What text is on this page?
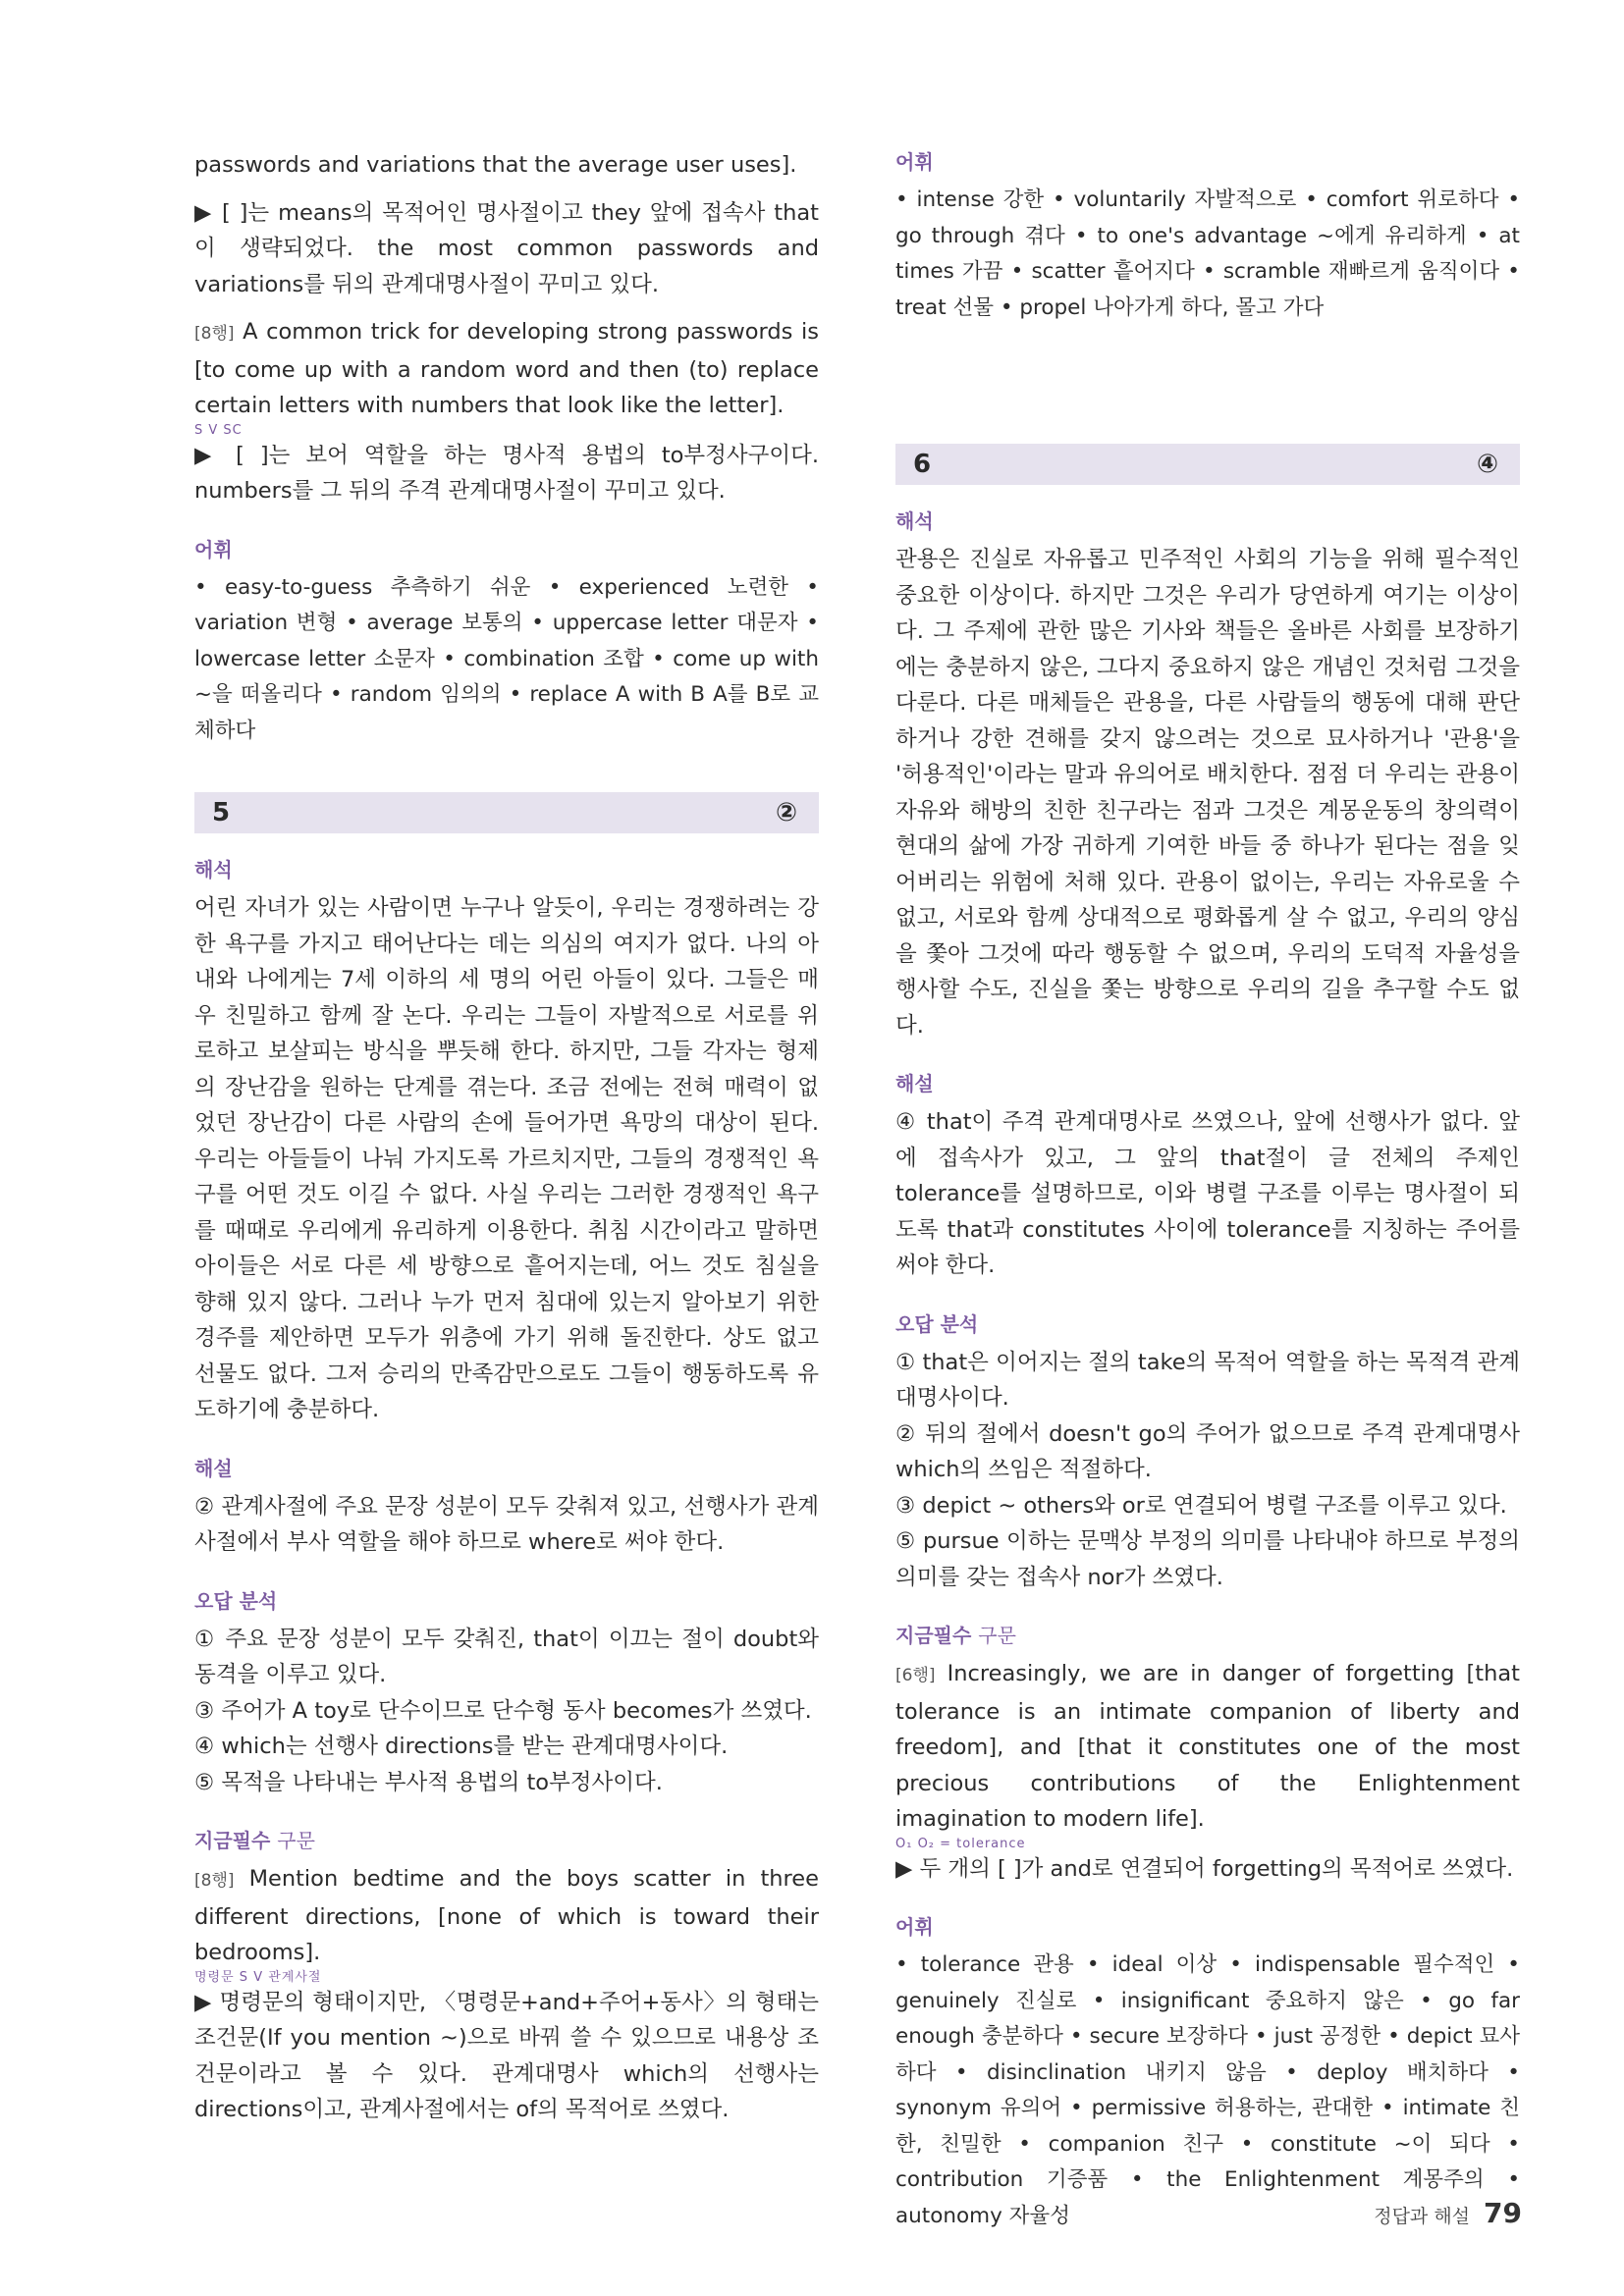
passwords and variations that the average user uses].

▶ [ ]는 means의 목적어인 명사절이고 they 앞에 접속사 that이 생략되었다. the most common passwords and variations를 뒤의 관계대명사절이 꾸미고 있다.

[8행] A common trick for developing strong passwords is [to come up with a random word and then (to) replace certain letters with numbers that look like the letter].

S V SC

▶ [ ]는 보어 역할을 하는 명사적 용법의 to부정사구이다. numbers를 그 뒤의 주격 관계대명사절이 꾸미고 있다.

어휘

• easy-to-guess 추측하기 쉬운 • experienced 노련한 • variation 변형 • average 보통의 • uppercase letter 대문자 • lowercase letter 소문자 • combination 조합 • come up with ~을 떠올리다 • random 임의의 • replace A with B A를 B로 교체하다

5	②
해석

어린 자녀가 있는 사람이면 누구나 알듯이, 우리는 경쟁하려는 강한 욕구를 가지고 태어난다는 데는 의심의 여지가 없다. 나의 아내와 나에게는 7세 이하의 세 명의 어린 아들이 있다. 그들은 매우 친밀하고 함께 잘 논다. 우리는 그들이 자발적으로 서로를 위로하고 보살피는 방식을 뿌듯해 한다. 하지만, 그들 각자는 형제의 장난감을 원하는 단계를 겪는다. 조금 전에는 전혀 매력이 없었던 장난감이 다른 사람의 손에 들어가면 욕망의 대상이 된다. 우리는 아들들이 나눠 가지도록 가르치지만, 그들의 경쟁적인 욕구를 어떤 것도 이길 수 없다. 사실 우리는 그러한 경쟁적인 욕구를 때때로 우리에게 유리하게 이용한다. 취침 시간이라고 말하면 아이들은 서로 다른 세 방향으로 흩어지는데, 어느 것도 침실을 향해 있지 않다. 그러나 누가 먼저 침대에 있는지 알아보기 위한 경주를 제안하면 모두가 위층에 가기 위해 돌진한다. 상도 없고 선물도 없다. 그저 승리의 만족감만으로도 그들이 행동하도록 유도하기에 충분하다.

해설

② 관계사절에 주요 문장 성분이 모두 갖춰져 있고, 선행사가 관계사절에서 부사 역할을 해야 하므로 where로 써야 한다.

오답 분석

① 주요 문장 성분이 모두 갖춰진, that이 이끄는 절이 doubt와 동격을 이루고 있다.

③ 주어가 A toy로 단수이므로 단수형 동사 becomes가 쓰였다.

④ which는 선행사 directions를 받는 관계대명사이다.

⑤ 목적을 나타내는 부사적 용법의 to부정사이다.

지금필수 구문

[8행] Mention bedtime and the boys scatter in three different directions, [none of which is toward their bedrooms].

명령문 S V 관계사절

▶ 명령문의 형태이지만, 〈명령문+and+주어+동사〉의 형태는 조건문(If you mention ~)으로 바꿔 쓸 수 있으므로 내용상 조건문이라고 볼 수 있다. 관계대명사 which의 선행사는 directions이고, 관계사절에서는 of의 목적어로 쓰였다.

어휘

• intense 강한 • voluntarily 자발적으로 • comfort 위로하다 • go through 겪다 • to one's advantage ~에게 유리하게 • at times 가끔 • scatter 흩어지다 • scramble 재빠르게 움직이다 • treat 선물 • propel 나아가게 하다, 몰고 가다

6	④
해석

관용은 진실로 자유롭고 민주적인 사회의 기능을 위해 필수적인 중요한 이상이다. 하지만 그것은 우리가 당연하게 여기는 이상이다. 그 주제에 관한 많은 기사와 책들은 올바른 사회를 보장하기에는 충분하지 않은, 그다지 중요하지 않은 개념인 것처럼 그것을 다룬다. 다른 매체들은 관용을, 다른 사람들의 행동에 대해 판단하거나 강한 견해를 갖지 않으려는 것으로 묘사하거나 '관용'을 '허용적인'이라는 말과 유의어로 배치한다. 점점 더 우리는 관용이 자유와 해방의 친한 친구라는 점과 그것은 계몽운동의 창의력이 현대의 삶에 가장 귀하게 기여한 바들 중 하나가 된다는 점을 잊어버리는 위험에 처해 있다. 관용이 없이는, 우리는 자유로울 수 없고, 서로와 함께 상대적으로 평화롭게 살 수 없고, 우리의 양심을 쫓아 그것에 따라 행동할 수 없으며, 우리의 도덕적 자율성을 행사할 수도, 진실을 쫓는 방향으로 우리의 길을 추구할 수도 없다.

해설

④ that이 주격 관계대명사로 쓰였으나, 앞에 선행사가 없다. 앞에 접속사가 있고, 그 앞의 that절이 글 전체의 주제인 tolerance를 설명하므로, 이와 병렬 구조를 이루는 명사절이 되도록 that과 constitutes 사이에 tolerance를 지칭하는 주어를 써야 한다.

오답 분석

① that은 이어지는 절의 take의 목적어 역할을 하는 목적격 관계대명사이다.

② 뒤의 절에서 doesn't go의 주어가 없으므로 주격 관계대명사 which의 쓰임은 적절하다.

③ depict ~ others와 or로 연결되어 병렬 구조를 이루고 있다.

⑤ pursue 이하는 문맥상 부정의 의미를 나타내야 하므로 부정의 의미를 갖는 접속사 nor가 쓰였다.

지금필수 구문

[6행] Increasingly, we are in danger of forgetting [that tolerance is an intimate companion of liberty and freedom], and [that it constitutes one of the most precious contributions of the Enlightenment imagination to modern life].

O₁ O₂ = tolerance

▶ 두 개의 [ ]가 and로 연결되어 forgetting의 목적어로 쓰였다.

어휘

• tolerance 관용 • ideal 이상 • indispensable 필수적인 • genuinely 진실로 • insignificant 중요하지 않은 • go far enough 충분하다 • secure 보장하다 • just 공정한 • depict 묘사하다 • disinclination 내키지 않음 • deploy 배치하다 • synonym 유의어 • permissive 허용하는, 관대한 • intimate 친한, 친밀한 • companion 친구 • constitute ~이 되다 • contribution 기증품 • the Enlightenment 계몽주의 • autonomy 자율성	정답과 해설 79
